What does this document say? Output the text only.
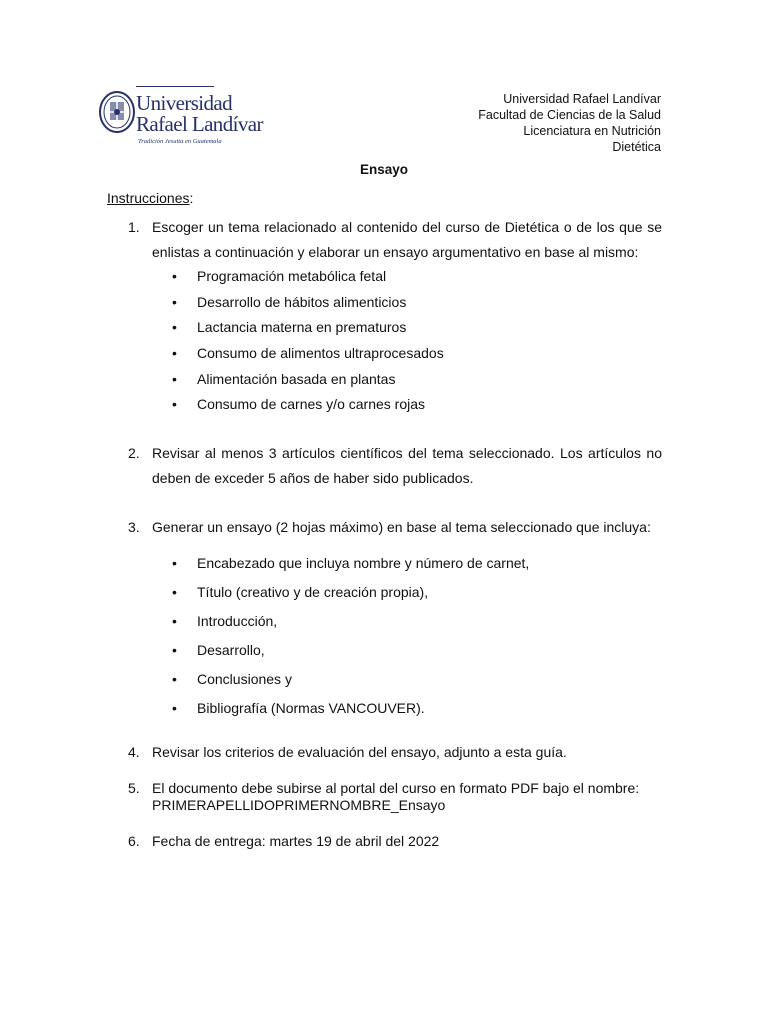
Universidad
Rafael Landívar
Tradición Jesuita en Guatemala
Universidad Rafael Landívar
Facultad de Ciencias de la Salud
Licenciatura en Nutrición
Dietética
Ensayo
Instrucciones:
1. Escoger un tema relacionado al contenido del curso de Dietética o de los que se enlistas a continuación y elaborar un ensayo argumentativo en base al mismo:
• Programación metabólica fetal
• Desarrollo de hábitos alimenticios
• Lactancia materna en prematuros
• Consumo de alimentos ultraprocesados
• Alimentación basada en plantas
• Consumo de carnes y/o carnes rojas
2. Revisar al menos 3 artículos científicos del tema seleccionado. Los artículos no deben de exceder 5 años de haber sido publicados.
3. Generar un ensayo (2 hojas máximo) en base al tema seleccionado que incluya:
• Encabezado que incluya nombre y número de carnet,
• Título (creativo y de creación propia),
• Introducción,
• Desarrollo,
• Conclusiones y
• Bibliografía (Normas VANCOUVER).
4. Revisar los criterios de evaluación del ensayo, adjunto a esta guía.
5. El documento debe subirse al portal del curso en formato PDF bajo el nombre:
PRIMERAPELLIDOPRIMERNOMBRE_Ensayo
6. Fecha de entrega: martes 19 de abril del 2022
